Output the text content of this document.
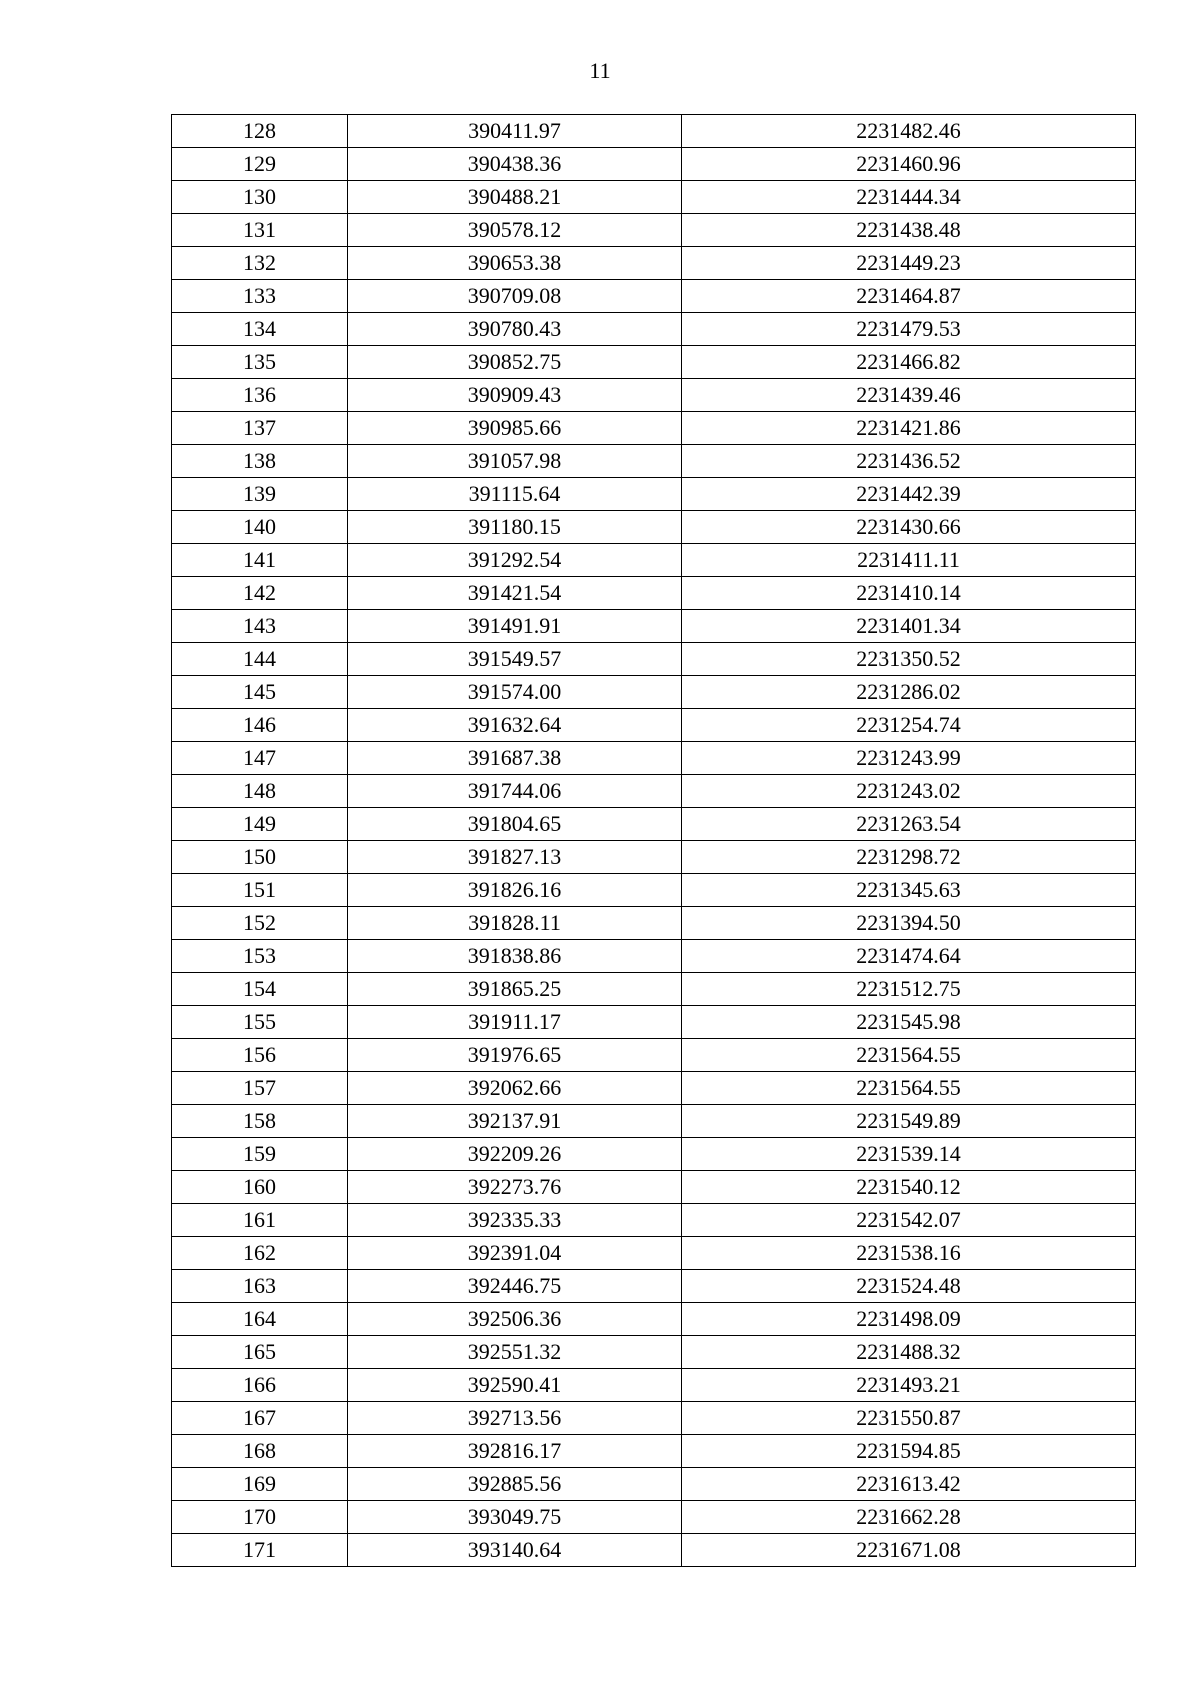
11
128	390411.97	2231482.46
129	390438.36	2231460.96
130	390488.21	2231444.34
131	390578.12	2231438.48
132	390653.38	2231449.23
133	390709.08	2231464.87
134	390780.43	2231479.53
135	390852.75	2231466.82
136	390909.43	2231439.46
137	390985.66	2231421.86
138	391057.98	2231436.52
139	391115.64	2231442.39
140	391180.15	2231430.66
141	391292.54	2231411.11
142	391421.54	2231410.14
143	391491.91	2231401.34
144	391549.57	2231350.52
145	391574.00	2231286.02
146	391632.64	2231254.74
147	391687.38	2231243.99
148	391744.06	2231243.02
149	391804.65	2231263.54
150	391827.13	2231298.72
151	391826.16	2231345.63
152	391828.11	2231394.50
153	391838.86	2231474.64
154	391865.25	2231512.75
155	391911.17	2231545.98
156	391976.65	2231564.55
157	392062.66	2231564.55
158	392137.91	2231549.89
159	392209.26	2231539.14
160	392273.76	2231540.12
161	392335.33	2231542.07
162	392391.04	2231538.16
163	392446.75	2231524.48
164	392506.36	2231498.09
165	392551.32	2231488.32
166	392590.41	2231493.21
167	392713.56	2231550.87
168	392816.17	2231594.85
169	392885.56	2231613.42
170	393049.75	2231662.28
171	393140.64	2231671.08
